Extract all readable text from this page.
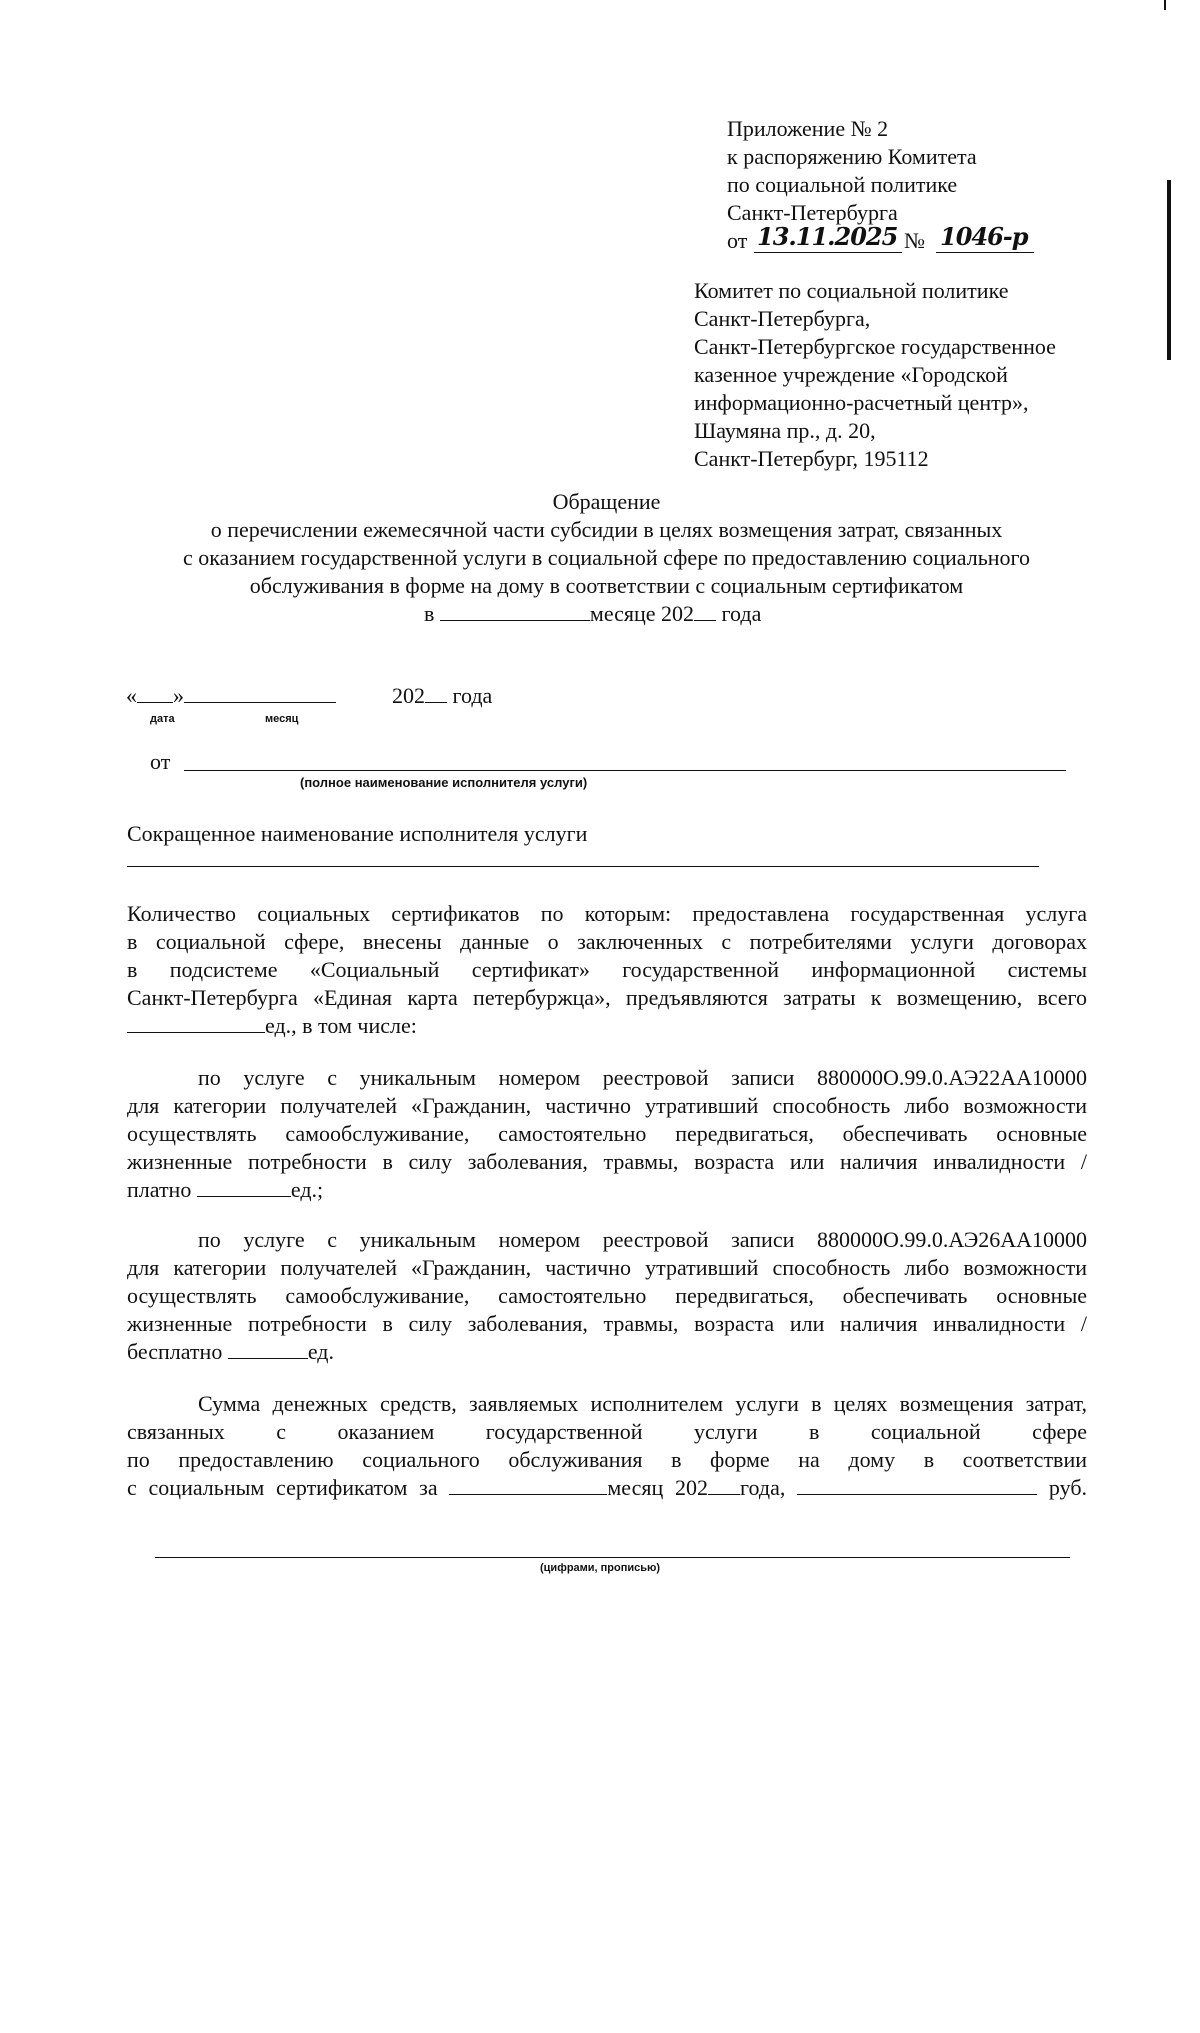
Приложение № 2
к распоряжению Комитета
по социальной политике
Санкт-Петербурга
от 13.11.2025 № 1046-р
Комитет по социальной политике
Санкт-Петербурга,
Санкт-Петербургское государственное
казенное учреждение «Городской
информационно-расчетный центр»,
Шаумяна пр., д. 20,
Санкт-Петербург, 195112
Обращение
о перечислении ежемесячной части субсидии в целях возмещения затрат, связанных
с оказанием государственной услуги в социальной сфере по предоставлению социального
обслуживания в форме на дому в соответствии с социальным сертификатом
в	месяце 202 года
« »	202 года
дата	месяц
от
(полное наименование исполнителя услуги)
Сокращенное наименование исполнителя услуги
Количество социальных сертификатов по которым: предоставлена государственная услуга
в социальной сфере, внесены данные о заключенных с потребителями услуги договорах
в подсистеме «Социальный сертификат» государственной информационной системы
Санкт-Петербурга «Единая карта петербуржца», предъявляются затраты к возмещению, всего
ед., в том числе:
по услуге с уникальным номером реестровой записи 880000О.99.0.АЭ22АА10000
для категории получателей «Гражданин, частично утративший способность либо возможности
осуществлять самообслуживание, самостоятельно передвигаться, обеспечивать основные
жизненные потребности в силу заболевания, травмы, возраста или наличия инвалидности /
платно	ед.;
по услуге с уникальным номером реестровой записи 880000О.99.0.АЭ26АА10000
для категории получателей «Гражданин, частично утративший способность либо возможности
осуществлять самообслуживание, самостоятельно передвигаться, обеспечивать основные
жизненные потребности в силу заболевания, травмы, возраста или наличия инвалидности /
бесплатно	ед.
Сумма денежных средств, заявляемых исполнителем услуги в целях возмещения затрат,
связанных с оказанием государственной услуги в социальной сфере
по предоставлению социального обслуживания в форме на дому в соответствии
с социальным сертификатом за	месяц 202 года,	руб.
(цифрами, прописью)
